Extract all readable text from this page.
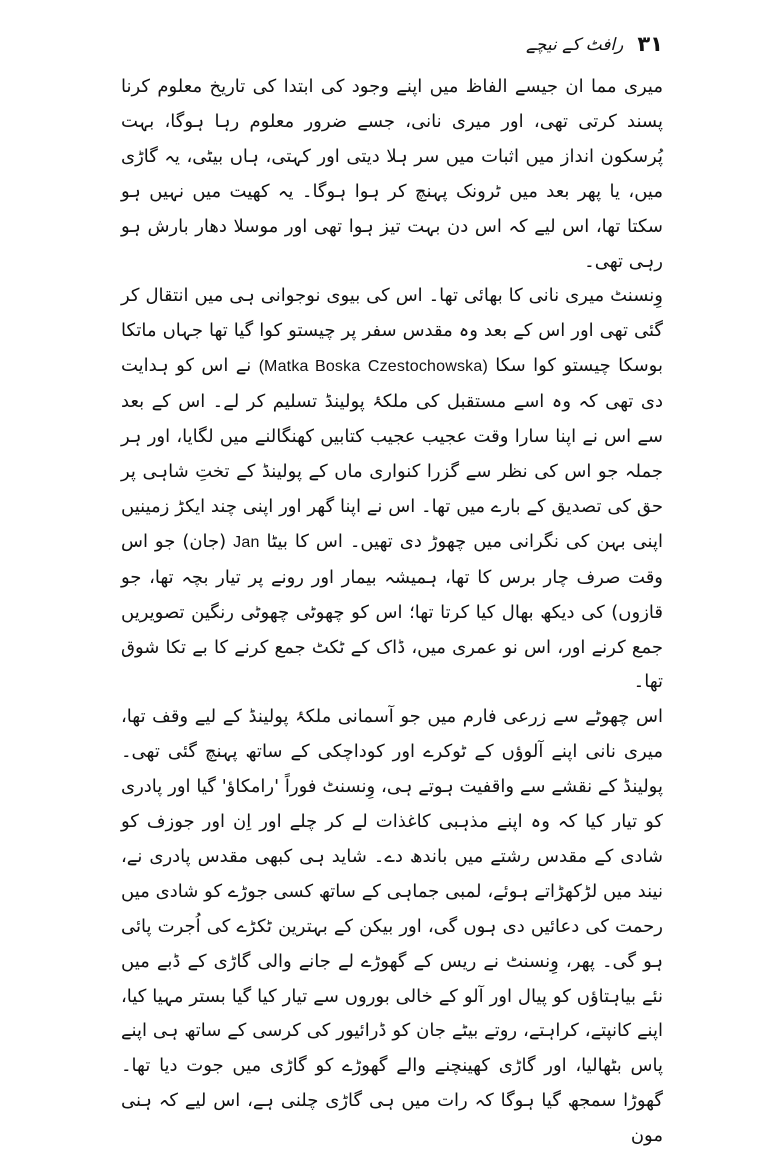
۳۱
رافٹ کے نیچے

میری مما ان جیسے الفاظ میں اپنے وجود کی ابتدا کی تاریخ معلوم کرنا پسند کرتی تھی، اور میری نانی، جسے ضرور معلوم رہا ہوگا، بہت پُرسکون انداز میں اثبات میں سر ہلا دیتی اور کہتی، ہاں بیٹی، یہ گاڑی میں، یا پھر بعد میں ٹرونک پہنچ کر ہوا ہوگا۔ یہ کھیت میں نہیں ہو سکتا تھا، اس لیے کہ اس دن بہت تیز ہوا تھی اور موسلا دھار بارش ہو رہی تھی۔

وِنسنٹ میری نانی کا بھائی تھا۔ اس کی بیوی نوجوانی ہی میں انتقال کر گئی تھی اور اس کے بعد وہ مقدس سفر پر چیستو کوا گیا تھا جہاں ماتکا بوسکا چیستو کوا سکا (Matka Boska Czestochowska) نے اس کو ہدایت دی تھی کہ وہ اسے مستقبل کی ملکۂ پولینڈ تسلیم کر لے۔ اس کے بعد سے اس نے اپنا سارا وقت عجیب عجیب کتابیں کھنگالنے میں لگایا، اور ہر جملہ جو اس کی نظر سے گزرا کنواری ماں کے پولینڈ کے تختِ شاہی پر حق کی تصدیق کے بارے میں تھا۔ اس نے اپنا گھر اور اپنی چند ایکڑ زمینیں اپنی بہن کی نگرانی میں چھوڑ دی تھیں۔ اس کا بیٹا Jan (جان) جو اس وقت صرف چار برس کا تھا، ہمیشہ بیمار اور رونے پر تیار بچہ تھا، جو قازوں) کی دیکھ بھال کیا کرتا تھا؛ اس کو چھوٹی چھوٹی رنگین تصویریں جمع کرنے اور، اس نو عمری میں، ڈاک کے ٹکٹ جمع کرنے کا بے تکا شوق تھا۔

اس چھوٹے سے زرعی فارم میں جو آسمانی ملکۂ پولینڈ کے لیے وقف تھا، میری نانی اپنے آلوؤں کے ٹوکرے اور کوداچکی کے ساتھ پہنچ گئی تھی۔ پولینڈ کے نقشے سے واقفیت ہوتے ہی، وِنسنٹ فوراً 'رامکاؤ' گیا اور پادری کو تیار کیا کہ وہ اپنے مذہبی کاغذات لے کر چلے اور اِن اور جوزف کو شادی کے مقدس رشتے میں باندھ دے۔ شاید ہی کبھی مقدس پادری نے، نیند میں لڑکھڑاتے ہوئے، لمبی جماہی کے ساتھ کسی جوڑے کو شادی میں رحمت کی دعائیں دی ہوں گی، اور بیکن کے بہترین ٹکڑے کی اُجرت پائی ہو گی۔ پھر، وِنسنٹ نے ریس کے گھوڑے لے جانے والی گاڑی کے ڈبے میں نئے بیاہتاؤں کو پیال اور آلو کے خالی بوروں سے تیار کیا گیا بستر مہیا کیا، اپنے کانپتے، کراہتے، روتے بیٹے جان کو ڈرائیور کی کرسی کے ساتھ ہی اپنے پاس بٹھالیا، اور گاڑی کھینچنے والے گھوڑے کو گاڑی میں جوت دیا تھا۔ گھوڑا سمجھ گیا ہوگا کہ رات میں ہی گاڑی چلنی ہے، اس لیے کہ ہنی مون
